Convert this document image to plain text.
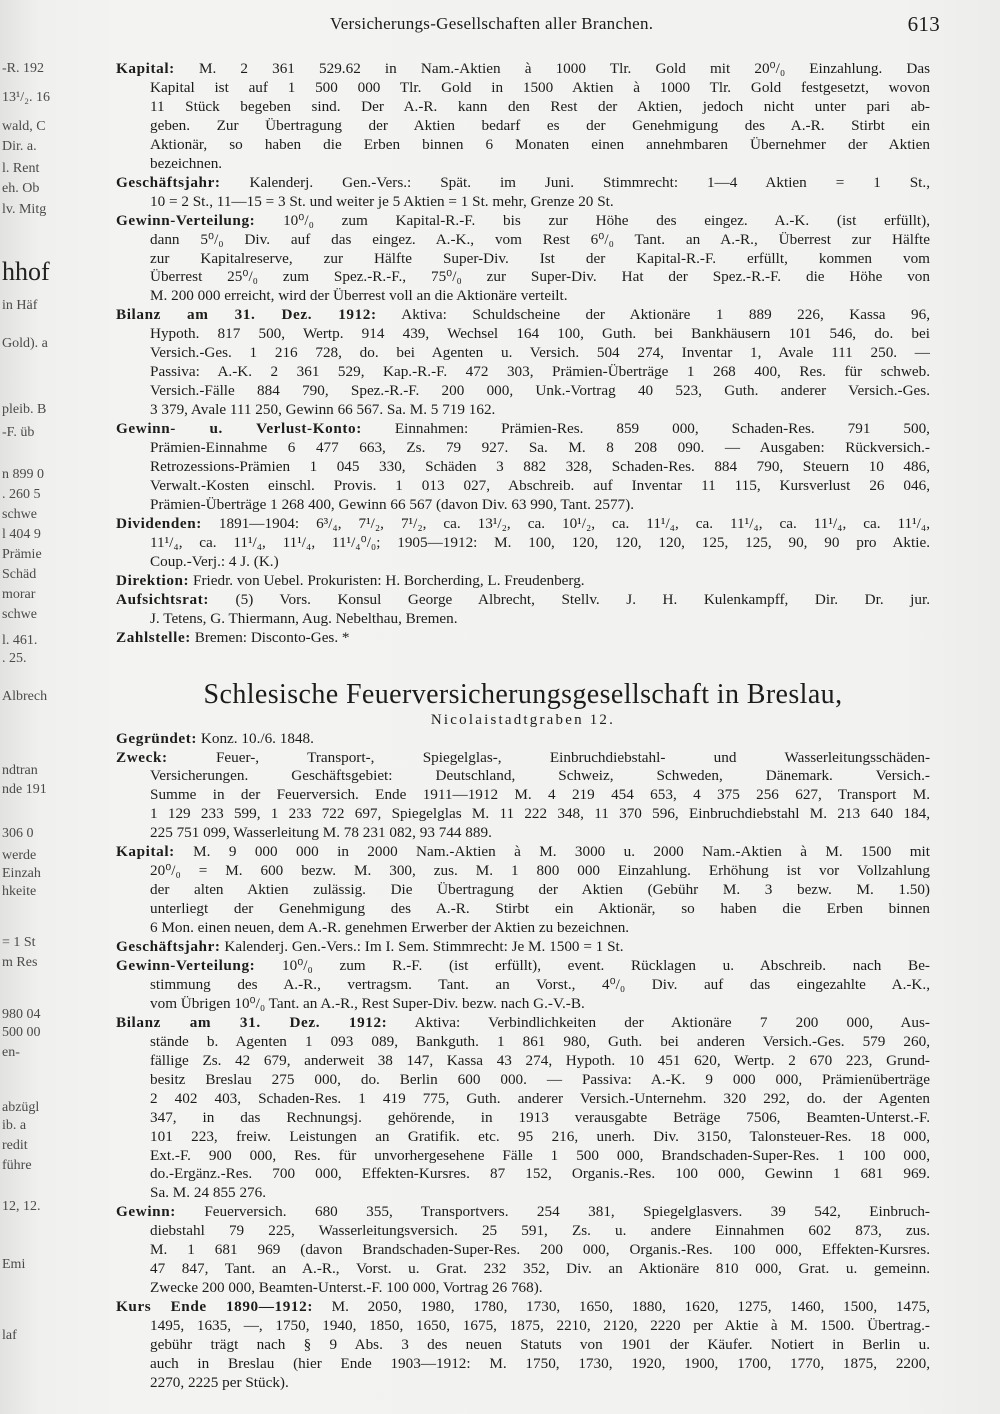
Versicherungs-Gesellschaften aller Branchen.	613
-R. 192
13¹/₂. 16
wald, C
Dir. a.
l. Rent
eh. Ob
lv. Mitg
hhof
in Häf
Gold). a
pleib. B
-F. üb
n 899 0
. 260 5
schwe
l 404 9
Prämie
Schäd
morar
schwe
l. 461.
. 25.
Albrech
ndtran
nde 191
306 0
werde
Einzah
hkeite
= 1 St
m Res
980 04
500 00
en-
abzügl
ib. a
redit
führe
12, 12.
Emi
laf
Kapital: M. 2 361 529.62 in Nam.-Aktien à 1000 Tlr. Gold mit 20⁰/₀ Einzahlung. Das
Kapital ist auf 1 500 000 Tlr. Gold in 1500 Aktien à 1000 Tlr. Gold festgesetzt, wovon
11 Stück begeben sind. Der A.-R. kann den Rest der Aktien, jedoch nicht unter pari ab-
geben. Zur Übertragung der Aktien bedarf es der Genehmigung des A.-R. Stirbt ein
Aktionär, so haben die Erben binnen 6 Monaten einen annehmbaren Übernehmer der Aktien
bezeichnen.
Geschäftsjahr: Kalenderj. Gen.-Vers.: Spät. im Juni. Stimmrecht: 1—4 Aktien = 1 St.,
10 = 2 St., 11—15 = 3 St. und weiter je 5 Aktien = 1 St. mehr, Grenze 20 St.
Gewinn-Verteilung: 10⁰/₀ zum Kapital-R.-F. bis zur Höhe des eingez. A.-K. (ist erfüllt),
dann 5⁰/₀ Div. auf das eingez. A.-K., vom Rest 6⁰/₀ Tant. an A.-R., Überrest zur Hälfte
zur Kapitalreserve, zur Hälfte Super-Div. Ist der Kapital-R.-F. erfüllt, kommen vom
Überrest 25⁰/₀ zum Spez.-R.-F., 75⁰/₀ zur Super-Div. Hat der Spez.-R.-F. die Höhe von
M. 200 000 erreicht, wird der Überrest voll an die Aktionäre verteilt.
Bilanz am 31. Dez. 1912: Aktiva: Schuldscheine der Aktionäre 1 889 226, Kassa 96,
Hypoth. 817 500, Wertp. 914 439, Wechsel 164 100, Guth. bei Bankhäusern 101 546, do. bei
Versich.-Ges. 1 216 728, do. bei Agenten u. Versich. 504 274, Inventar 1, Avale 111 250. —
Passiva: A.-K. 2 361 529, Kap.-R.-F. 472 303, Prämien-Überträge 1 268 400, Res. für schweb.
Versich.-Fälle 884 790, Spez.-R.-F. 200 000, Unk.-Vortrag 40 523, Guth. anderer Versich.-Ges.
3 379, Avale 111 250, Gewinn 66 567. Sa. M. 5 719 162.
Gewinn- u. Verlust-Konto: Einnahmen: Prämien-Res. 859 000, Schaden-Res. 791 500,
Prämien-Einnahme 6 477 663, Zs. 79 927. Sa. M. 8 208 090. — Ausgaben: Rückversich.-
Retrozessions-Prämien 1 045 330, Schäden 3 882 328, Schaden-Res. 884 790, Steuern 10 486,
Verwalt.-Kosten einschl. Provis. 1 013 027, Abschreib. auf Inventar 11 115, Kursverlust 26 046,
Prämien-Überträge 1 268 400, Gewinn 66 567 (davon Div. 63 990, Tant. 2577).
Dividenden: 1891—1904: 6³/₄, 7¹/₂, 7¹/₂, ca. 13¹/₂, ca. 10¹/₂, ca. 11¹/₄, ca. 11¹/₄, ca. 11¹/₄, ca. 11¹/₄,
11¹/₄, ca. 11¹/₄, 11¹/₄, 11¹/₄⁰/₀; 1905—1912: M. 100, 120, 120, 120, 125, 125, 90, 90 pro Aktie.
Coup.-Verj.: 4 J. (K.)
Direktion: Friedr. von Uebel. Prokuristen: H. Borcherding, L. Freudenberg.
Aufsichtsrat: (5) Vors. Konsul George Albrecht, Stellv. J. H. Kulenkampff, Dir. Dr. jur.
J. Tetens, G. Thiermann, Aug. Nebelthau, Bremen.
Zahlstelle: Bremen: Disconto-Ges. *
Schlesische Feuerversicherungsgesellschaft in Breslau,
Nicolaistadtgraben 12.
Gegründet: Konz. 10./6. 1848.
Zweck: Feuer-, Transport-, Spiegelglas-, Einbruchdiebstahl- und Wasserleitungsschäden-
Versicherungen. Geschäftsgebiet: Deutschland, Schweiz, Schweden, Dänemark. Versich.-
Summe in der Feuerversich. Ende 1911—1912 M. 4 219 454 653, 4 375 256 627, Transport M.
1 129 233 599, 1 233 722 697, Spiegelglas M. 11 222 348, 11 370 596, Einbruchdiebstahl M. 213 640 184,
225 751 099, Wasserleitung M. 78 231 082, 93 744 889.
Kapital: M. 9 000 000 in 2000 Nam.-Aktien à M. 3000 u. 2000 Nam.-Aktien à M. 1500 mit
20⁰/₀ = M. 600 bezw. M. 300, zus. M. 1 800 000 Einzahlung. Erhöhung ist vor Vollzahlung
der alten Aktien zulässig. Die Übertragung der Aktien (Gebühr M. 3 bezw. M. 1.50)
unterliegt der Genehmigung des A.-R. Stirbt ein Aktionär, so haben die Erben binnen
6 Mon. einen neuen, dem A.-R. genehmen Erwerber der Aktien zu bezeichnen.
Geschäftsjahr: Kalenderj. Gen.-Vers.: Im I. Sem. Stimmrecht: Je M. 1500 = 1 St.
Gewinn-Verteilung: 10⁰/₀ zum R.-F. (ist erfüllt), event. Rücklagen u. Abschreib. nach Be-
stimmung des A.-R., vertragsm. Tant. an Vorst., 4⁰/₀ Div. auf das eingezahlte A.-K.,
vom Übrigen 10⁰/₀ Tant. an A.-R., Rest Super-Div. bezw. nach G.-V.-B.
Bilanz am 31. Dez. 1912: Aktiva: Verbindlichkeiten der Aktionäre 7 200 000, Aus-
stände b. Agenten 1 093 089, Bankguth. 1 861 980, Guth. bei anderen Versich.-Ges. 579 260,
fällige Zs. 42 679, anderweit 38 147, Kassa 43 274, Hypoth. 10 451 620, Wertp. 2 670 223, Grund-
besitz Breslau 275 000, do. Berlin 600 000. — Passiva: A.-K. 9 000 000, Prämienüberträge
2 402 403, Schaden-Res. 1 419 775, Guth. anderer Versich.-Unternehm. 320 292, do. der Agenten
347, in das Rechnungsj. gehörende, in 1913 verausgabte Beträge 7506, Beamten-Unterst.-F.
101 223, freiw. Leistungen an Gratifik. etc. 95 216, unerh. Div. 3150, Talonsteuer-Res. 18 000,
Ext.-F. 900 000, Res. für unvorhergesehene Fälle 1 500 000, Brandschaden-Super-Res. 1 100 000,
do.-Ergänz.-Res. 700 000, Effekten-Kursres. 87 152, Organis.-Res. 100 000, Gewinn 1 681 969.
Sa. M. 24 855 276.
Gewinn: Feuerversich. 680 355, Transportvers. 254 381, Spiegelglasvers. 39 542, Einbruch-
diebstahl 79 225, Wasserleitungsversich. 25 591, Zs. u. andere Einnahmen 602 873, zus.
M. 1 681 969 (davon Brandschaden-Super-Res. 200 000, Organis.-Res. 100 000, Effekten-Kursres.
47 847, Tant. an A.-R., Vorst. u. Grat. 232 352, Div. an Aktionäre 810 000, Grat. u. gemeinn.
Zwecke 200 000, Beamten-Unterst.-F. 100 000, Vortrag 26 768).
Kurs Ende 1890—1912: M. 2050, 1980, 1780, 1730, 1650, 1880, 1620, 1275, 1460, 1500, 1475,
1495, 1635, —, 1750, 1940, 1850, 1650, 1675, 1875, 2210, 2120, 2220 per Aktie à M. 1500. Übertrag.-
gebühr trägt nach § 9 Abs. 3 des neuen Statuts von 1901 der Käufer. Notiert in Berlin u.
auch in Breslau (hier Ende 1903—1912: M. 1750, 1730, 1920, 1900, 1700, 1770, 1875, 2200,
2270, 2225 per Stück).
